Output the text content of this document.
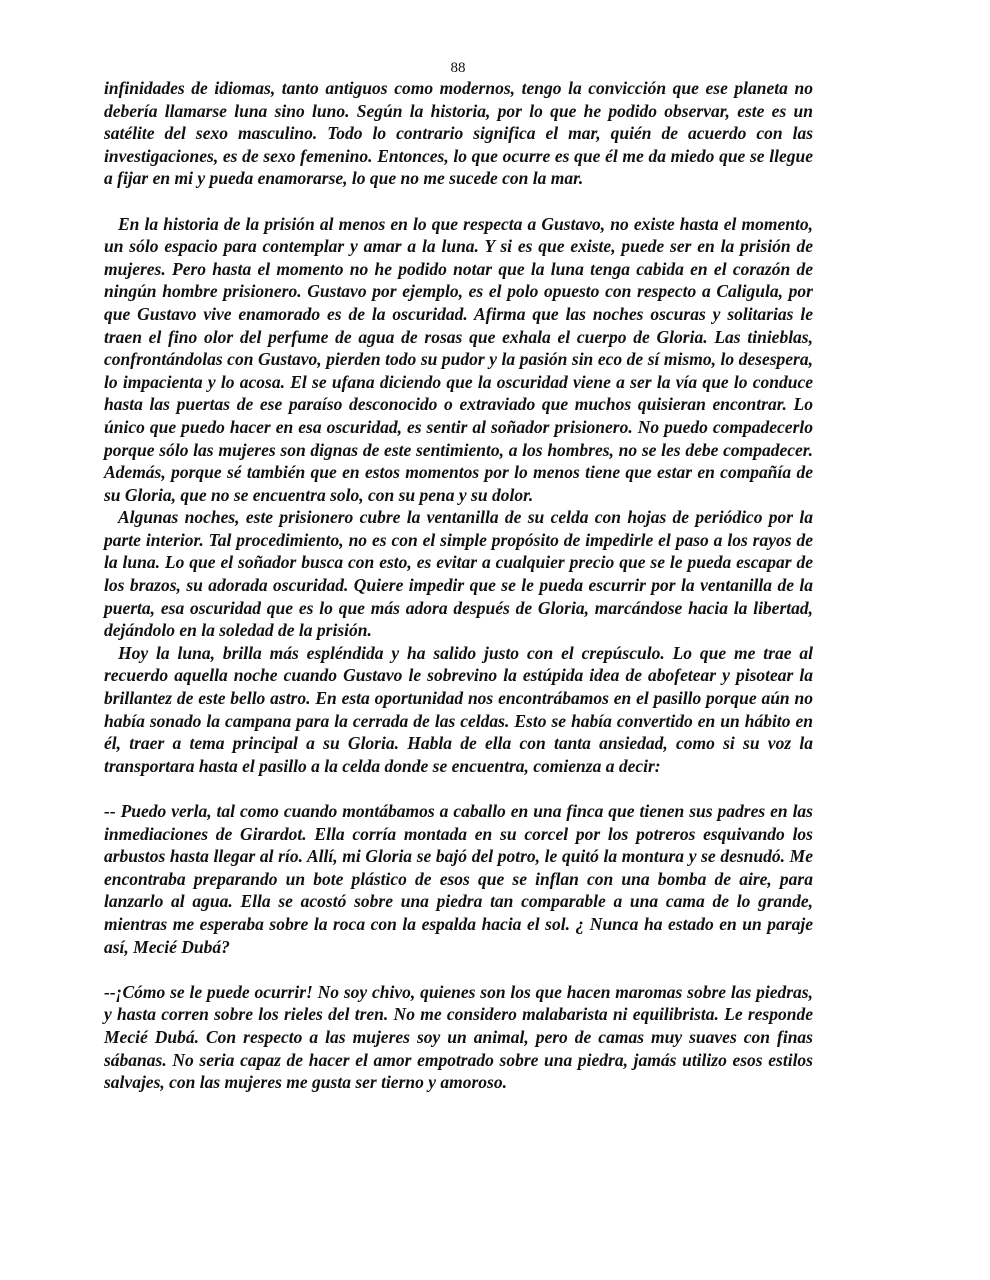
88

infinidades de idiomas, tanto antiguos como modernos, tengo la convicción que ese planeta no debería llamarse luna sino luno. Según la historia, por lo que he podido observar, este es un satélite del sexo masculino. Todo lo contrario significa el mar, quién de acuerdo con las investigaciones, es de sexo femenino. Entonces, lo que ocurre es que él me da miedo que se llegue a fijar en mi y pueda enamorarse, lo que no me sucede con la mar.

En la historia de la prisión al menos en lo que respecta a Gustavo, no existe hasta el momento, un sólo espacio para contemplar y amar a la luna. Y si es que existe, puede ser en la prisión de mujeres. Pero hasta el momento no he podido notar que la luna tenga cabida en el corazón de ningún hombre prisionero. Gustavo por ejemplo, es el polo opuesto con respecto a Caligula, por que Gustavo vive enamorado es de la oscuridad. Afirma que las noches oscuras y solitarias le traen el fino olor del perfume de agua de rosas que exhala el cuerpo de Gloria. Las tinieblas, confrontándolas con Gustavo, pierden todo su pudor y la pasión sin eco de sí mismo, lo desespera, lo impacienta y lo acosa. El se ufana diciendo que la oscuridad viene a ser la vía que lo conduce hasta las puertas de ese paraíso desconocido o extraviado que muchos quisieran encontrar. Lo único que puedo hacer en esa oscuridad, es sentir al soñador prisionero. No puedo compadecerlo porque sólo las mujeres son dignas de este sentimiento, a los hombres, no se les debe compadecer. Además, porque sé también que en estos momentos por lo menos tiene que estar en compañía de su Gloria, que no se encuentra solo, con su pena y su dolor.

Algunas noches, este prisionero cubre la ventanilla de su celda con hojas de periódico por la parte interior. Tal procedimiento, no es con el simple propósito de impedirle el paso a los rayos de la luna. Lo que el soñador busca con esto, es evitar a cualquier precio que se le pueda escapar de los brazos, su adorada oscuridad. Quiere impedir que se le pueda escurrir por la ventanilla de la puerta, esa oscuridad que es lo que más adora después de Gloria, marcándose hacia la libertad, dejándolo en la soledad de la prisión.

Hoy la luna, brilla más espléndida y ha salido justo con el crepúsculo. Lo que me trae al recuerdo aquella noche cuando Gustavo le sobrevino la estúpida idea de abofetear y pisotear la brillantez de este bello astro. En esta oportunidad nos encontrábamos en el pasillo porque aún no había sonado la campana para la cerrada de las celdas. Esto se había convertido en un hábito en él, traer a tema principal a su Gloria. Habla de ella con tanta ansiedad, como si su voz la transportara hasta el pasillo a la celda donde se encuentra, comienza a decir:

-- Puedo verla, tal como cuando montábamos a caballo en una finca que tienen sus padres en las inmediaciones de Girardot. Ella corría montada en su corcel por los potreros esquivando los arbustos hasta llegar al río. Allí, mi Gloria se bajó del potro, le quitó la montura y se desnudó. Me encontraba preparando un bote plástico de esos que se inflan con una bomba de aire, para lanzarlo al agua. Ella se acostó sobre una piedra tan comparable a una cama de lo grande, mientras me esperaba sobre la roca con la espalda hacia el sol. ¿ Nunca ha estado en un paraje así, Mecié Dubá?

--¡Cómo se le puede ocurrir! No soy chivo, quienes son los que hacen maromas sobre las piedras, y hasta corren sobre los rieles del tren. No me considero malabarista ni equilibrista. Le responde Mecié Dubá. Con respecto a las mujeres soy un animal, pero de camas muy suaves con finas sábanas. No seria capaz de hacer el amor empotrado sobre una piedra, jamás utilizo esos estilos salvajes, con las mujeres me gusta ser tierno y amoroso.
